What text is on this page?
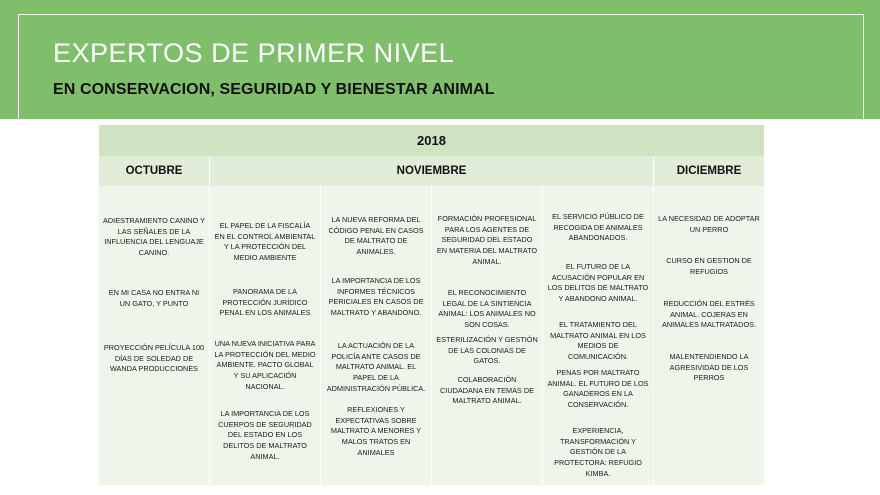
EXPERTOS DE PRIMER NIVEL
EN CONSERVACION, SEGURIDAD Y BIENESTAR ANIMAL
2018
OCTUBRE	NOVIEMBRE	DICIEMBRE
ADIESTRAMIENTO CANINO Y LAS SEÑALES DE LA INFLUENCIA DEL LENGUAJE CANINO.
EN MI CASA NO ENTRA NI UN GATO, Y PUNTO
PROYECCIÓN PELÍCULA 100 DÍAS DE SOLEDAD DE WANDA PRODUCCIONES
EL PAPEL DE LA FISCALÍA EN EL CONTROL AMBIENTAL Y LA PROTECCIÓN DEL MEDIO AMBIENTE
PANORAMA DE LA PROTECCIÓN JURÍDICO PENAL EN LOS ANIMALES
UNA NUEVA INICIATIVA PARA LA PROTECCIÓN DEL MEDIO AMBIENTE. PACTO GLOBAL Y SU APLICACIÓN NACIONAL.
LA IMPORTANCIA DE LOS CUERPOS DE SEGURIDAD DEL ESTADO EN LOS DELITOS DE MALTRATO ANIMAL.
LA NUEVA REFORMA DEL CÓDIGO PENAL EN CASOS DE MALTRATO DE ANIMALES.
LA IMPORTANCIA DE LOS INFORMES TÉCNICOS PERICIALES EN CASOS DE MALTRATO Y ABANDONO.
LA ACTUACIÓN DE LA POLICÍA ANTE CASOS DE MALTRATO ANIMAL. EL PAPEL DE LA ADMINISTRACIÓN PÚBLICA.
REFLEXIONES Y EXPECTATIVAS SOBRE MALTRATO A MENORES Y MALOS TRATOS EN ANIMALES
FORMACIÓN PROFESIONAL PARA LOS AGENTES DE SEGURIDAD DEL ESTADO EN MATERIA DEL MALTRATO ANIMAL.
EL RECONOCIMIENTO LEGAL DE LA SINTIENCIA ANIMAL: LOS ANIMALES NO SON COSAS.
ESTERILIZACIÓN Y GESTIÓN DE LAS COLONIAS DE GATOS.
COLABORACIÓN CIUDADANA EN TEMAS DE MALTRATO ANIMAL.
EL SERVICIO PÚBLICO DE RECOGIDA DE ANIMALES ABANDONADOS.
EL FUTURO DE LA ACUSACIÓN POPULAR EN LOS DELITOS DE MALTRATO Y ABANDONO ANIMAL.
EL TRATAMIENTO DEL MALTRATO ANIMAL EN LOS MEDIOS DE COMUNICACIÓN.
PENAS POR MALTRATO ANIMAL. EL FUTURO DE LOS GANADEROS EN LA CONSERVACIÓN.
EXPERIENCIA, TRANSFORMACIÓN Y GESTIÓN DE LA PROTECTORA: REFUGIO KIMBA.
LA NECESIDAD DE ADOPTAR UN PERRO
CURSO EN GESTION DE REFUGIOS
REDUCCIÓN DEL ESTRÉS ANIMAL. COJERAS EN ANIMALES MALTRATADOS.
MALENTENDIENDO LA AGRESIVIDAD DE LOS PERROS
